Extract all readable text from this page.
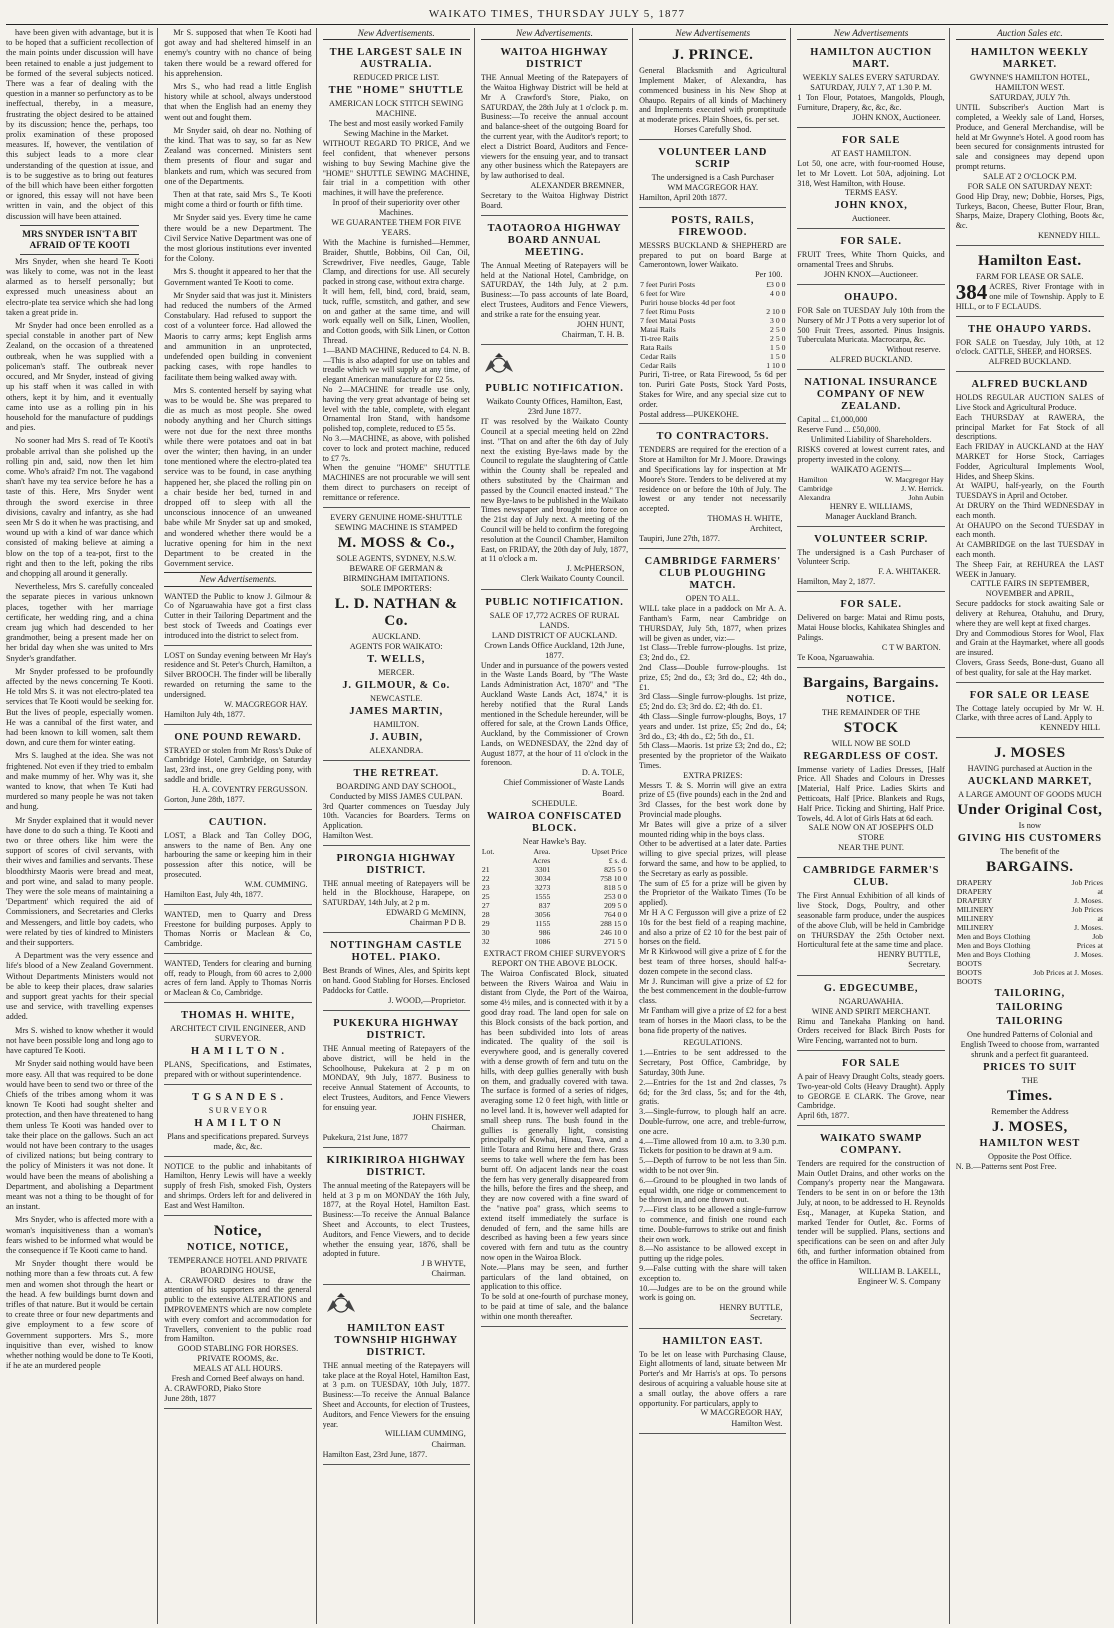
WAIKATO TIMES, THURSDAY JULY 5, 1877

have been given with advantage, but it is to be hoped that a sufficient recollection of the main points under discussion will have been retained to enable a just judgement to be formed of the several subjects noticed. There was a fear of dealing with the question in a manner so perfunctory as to be ineffectual, thereby, in a measure, frustrating the object desired to be attained by its discussion; hence the, perhaps, too prolix examination of these proposed measures. If, however, the ventilation of this subject leads to a more clear understanding of the question at issue, and is to be suggestive as to bring out features of the bill which have been either forgotten or ignored, this essay will not have been written in vain, and the object of this discussion will have been attained.

MRS SNYDER ISN'T A BIT AFRAID OF TE KOOTI

Mrs Snyder, when she heard Te Kooti was likely to come, was not in the least alarmed as to herself personally; but expressed much uneasiness about an electro-plate tea service which she had long taken a great pride in.

Mr Snyder had once been enrolled as a special constable in another part of New Zealand, on the occasion of a threatened outbreak, when he was supplied with a policeman's staff. The outbreak never occured, and Mr Snyder, instead of giving up his staff when it was called in with others, kept it by him, and it eventually came into use as a rolling pin in his household for the manufacture of puddings and pies.

No sooner had Mrs S. read of Te Kooti's probable arrival than she polished up the rolling pin and, said, now then let him come. Who's afraid? I'm not. The vagabond shan't have my tea service before he has a taste of this. Here, Mrs Snyder went through the sword exercise in three divisions, cavalry and infantry, as she had seen Mr S do it when he was practising, and wound up with a kind of war dance which consisted of making believe at aiming a blow on the top of a tea-pot, first to the right and then to the left, poking the ribs and chopping all around it generally.

Nevertheless, Mrs S. carefully concealed the separate pieces in various unknown places, together with her marriage certificate, her wedding ring, and a china cream jug which had descended to her grandmother, being a present made her on her bridal day when she was united to Mrs Snyder's grandfather.

Mr Snyder professed to be profoundly affected by the news concerning Te Kooti. He told Mrs S. it was not electro-plated tea services that Te Kooti would be seeking for. But the lives of people, especially women. He was a cannibal of the first water, and had been known to kill women, salt them down, and cure them for winter eating.

Mrs S. laughed at the idea. She was not frightened. Not even if they tried to embalm and make mummy of her. Why was it, she wanted to know, that when Te Kuti had murdered so many people he was not taken and hung.

Mr Snyder explained that it would never have done to do such a thing. Te Kooti and two or three others like him were the support of scores of civil servants, with their wives and families and servants. These bloodthirsty Maoris were bread and meat, and port wine, and salad to many people. They were the sole means of maintaining a 'Department' which required the aid of Commissioners, and Secretaries and Clerks and Messengers, and little boy cadets, who were related by ties of kindred to Ministers and their supporters.

A Department was the very essence and life's blood of a New Zealand Government. Without Departments Ministers would not be able to keep their places, draw salaries and support great yachts for their special use and service, with travelling expenses added.

Mrs S. wished to know whether it would not have been possible long and long ago to have captured Te Kooti.

Mr Snyder said nothing would have been more easy. All that was required to be done would have been to send two or three of the Chiefs of the tribes among whom it was known Te Kooti had sought shelter and protection, and then have threatened to hang them unless Te Kooti was handed over to take their place on the gallows. Such an act would not have been contrary to the usages of civilized nations; but being contrary to the policy of Ministers it was not done. It would have been the means of abolishing a Department, and abolishing a Department meant was not a thing to be thought of for an instant.

Mrs Snyder, who is affected more with a woman's inquisitiveness than a woman's fears wished to be informed what would be the consequence if Te Kooti came to hand.

Mr Snyder thought there would be nothing more than a few throats cut. A few men and women shot through the heart or the head. A few buildings burnt down and trifles of that nature. But it would be certain to create three or four new departments and give employment to a few score of Government supporters. Mrs S., more inquisitive than ever, wished to know whether nothing would be done to Te Kooti, if he ate an murdered people

Mr S. supposed that when Te Kooti had got away and had sheltered himself in an enemy's country with no chance of being taken there would be a reward offered for his apprehension.

Mrs S., who had read a little English history while at school, always understood that when the English had an enemy they went out and fought them.

Mr Snyder said, oh dear no. Nothing of the kind. That was to say, so far as New Zealand was concerned. Ministers sent them presents of flour and sugar and blankets and rum, which was secured from one of the Departments.

Then at that rate, said Mrs S., Te Kooti might come a third or fourth or fifth time.

Mr Snyder said yes. Every time he came there would be a new Department. The Civil Service Native Department was one of the most glorious institutions ever invented for the Colony.

Mrs S. thought it appeared to her that the Government wanted Te Kooti to come.

Mr Snyder said that was just it. Ministers had reduced the numbers of the Armed Constabulary. Had refused to support the cost of a volunteer force. Had allowed the Maoris to carry arms; kept English arms and ammunition in an unprotected, undefended open building in convenient packing cases, with rope handles to facilitate them being walked away with.

Mrs S. contented herself by saying what was to be would be. She was prepared to die as much as most people. She owed nobody anything and her Church sittings were not due for the next three months while there were potatoes and oat in bat over the winter; then having, in an under tone mentioned where the electro-plated tea service was to be found, in case anything happened her, she placed the rolling pin on a chair beside her bed, turned in and dropped off to sleep with all the unconscious innocence of an unweaned babe while Mr Snyder sat up and smoked, and wondered whether there would be a lucrative opening for him in the next Department to be created in the Government service.

New Advertisements.
WANTED the Public to know J. Gilmour & Co of Ngaruawahia have got a first class Cutter in their Tailoring Department and the best stock of Tweeds and Coatings ever introduced into the district to select from.
LOST on Sunday evening between Mr Hay's residence and St. Peter's Church, Hamilton, a Silver BROOCH. The finder will be liberally rewarded on returning the same to the undersigned.
W. MACGREGOR HAY.
Hamilton July 4th, 1877.
ONE POUND REWARD.
STRAYED or stolen from Mr Ross's Duke of Cambridge Hotel, Cambridge, on Saturday last, 23rd inst., one grey Gelding pony, with saddle and bridle.
H. A. COVENTRY FERGUSSON.
Gorton, June 28th, 1877.
CAUTION.
LOST, a Black and Tan Colley DOG, answers to the name of Ben. Any one harbouring the same or keeping him in their possession after this notice, will be prosecuted.
W.M. CUMMING.
Hamilton East, July 4th, 1877.
WANTED, men to Quarry and Dress Freestone for building purposes. Apply to Thomas Norris or Maclean & Co, Cambridge.
WANTED, Tenders for clearing and burning off, ready to Plough, from 60 acres to 2,000 acres of fern land. Apply to Thomas Norris or Maclean & Co, Cambridge.
THOMAS H. WHITE,
ARCHITECT CIVIL ENGINEER, AND SURVEYOR.
H A M I L T O N .
PLANS, Specifications, and Estimates, prepared with or without superintendence.
T G S A N D E S .
S U R V E Y O R
H A M I L T O N
Plans and specifications prepared. Surveys made, &c, &c.
NOTICE to the public and inhabitants of Hamilton, Henry Lewis will have a weekly supply of fresh Fish, smoked Fish, Oysters and shrimps. Orders left for and delivered in East and West Hamilton.
Notice,
NOTICE, NOTICE,
TEMPERANCE HOTEL AND PRIVATE BOARDING HOUSE,
A. CRAWFORD desires to draw the attention of his supporters and the general public to the extensive ALTERATIONS and IMPROVEMENTS which are now complete with every comfort and accommodation for Travellers, convenient to the public road from Hamilton.
GOOD STABLING FOR HORSES. PRIVATE ROOMS, &c.
MEALS AT ALL HOURS.
Fresh and Corned Beef always on hand.
A. CRAWFORD, Piako Store
June 28th, 1877
New Advertisements.
THE LARGEST SALE IN AUSTRALIA.
REDUCED PRICE LIST.
THE "HOME" SHUTTLE
AMERICAN LOCK STITCH SEWING MACHINE.
The best and most easily worked Family Sewing Machine in the Market.
WITHOUT REGARD TO PRICE, And we feel confident, that whenever persons wishing to buy Sewing Machine give the "HOME" SHUTTLE SEWING MACHINE, fair trial in a competition with other machines, it will have the preference.
In proof of their superiority over other Machines.
WE GUARANTEE THEM FOR FIVE YEARS.
With the Machine is furnished—Hemmer, Braider, Shuttle, Bobbins, Oil Can, Oil, Screwdriver, Five needles, Gauge, Table Clamp, and directions for use. All securely packed in strong case, without extra charge.
It will hem, fell, bind, cord, braid, seam, tuck, ruffle, scmstitch, and gather, and sew on and gather at the same time, and will work equally well on Silk, Linen, Woollen, and Cotton goods, with Silk Linen, or Cotton Thread.
1—BAND MACHINE, Reduced to £4. N. B.—This is also adapted for use on tables and treadle which we will supply at any time, of elegant American manufacture for £2 5s.
No 2—MACHINE for treadle use only, having the very great advantage of being set level with the table, complete, with elegant Ornamental Iron Stand, with handsome polished top, complete, reduced to £5 5s.
No 3.—MACHINE, as above, with polished cover to lock and protect machine, reduced to £7 7s.
When the genuine "HOME" SHUTTLE MACHINES are not procurable we will sent them direct to purchasers on receipt of remittance or reference.
EVERY GENUINE HOME-SHUTTLE SEWING MACHINE IS STAMPED
M. MOSS & Co.,
SOLE AGENTS, SYDNEY, N.S.W.
BEWARE OF GERMAN & BIRMINGHAM IMITATIONS.
SOLE IMPORTERS:
L. D. NATHAN & Co.
AUCKLAND.
AGENTS FOR WAIKATO:
T. WELLS,
MERCER.
J. GILMOUR, & Co.
NEWCASTLE.
JAMES MARTIN,
HAMILTON.
J. AUBIN,
ALEXANDRA.
THE RETREAT.
BOARDING AND DAY SCHOOL,
Conducted by MISS JAMES CULPAN.
3rd Quarter commences on Tuesday July 10th. Vacancies for Boarders. Terms on Application.
Hamilton West.
PIRONGIA HIGHWAY DISTRICT.
THE annual meeting of Ratepayers will be held in the Blockhouse, Harapepe, on SATURDAY, 14th July, at 2 p m.
EDWARD G McMINN,
Chairman P D B.
NOTTINGHAM CASTLE HOTEL. PIAKO.
Best Brands of Wines, Ales, and Spirits kept on hand. Good Stabling for Horses. Enclosed Paddocks for Cattle.
J. WOOD,—Proprietor.
PUKEKURA HIGHWAY DISTRICT.
THE Annual meeting of Ratepayers of the above district, will be held in the Schoolhouse, Pukekura at 2 p m on MONDAY, 9th July, 1877. Business to receive Annual Statement of Accounts, to elect Trustees, Auditors, and Fence Viewers for ensuing year.
JOHN FISHER,
Chairman.
Pukekura, 21st June, 1877
KIRIKIRIROA HIGHWAY DISTRICT.
The annual meeting of the Ratepayers will be held at 3 p m on MONDAY the 16th July, 1877, at the Royal Hotel, Hamilton East. Business:—To receive the Annual Balance Sheet and Accounts, to elect Trustees, Auditors, and Fence Viewers, and to decide whether the ensuing year, 1876, shall be adopted in future.
J B WHYTE,
Chairman.
HAMILTON EAST TOWNSHIP HIGHWAY DISTRICT.
THE annual meeting of the Ratepayers will take place at the Royal Hotel, Hamilton East, at 3 p.m. on TUESDAY, 10th July, 1877. Business:—To receive the Annual Balance Sheet and Accounts, for election of Trustees, Auditors, and Fence Viewers for the ensuing year.
WILLIAM CUMMING,
Chairman.
Hamilton East, 23rd June, 1877.
New Advertisements.
WAITOA HIGHWAY DISTRICT
THE Annual Meeting of the Ratepayers of the Waitoa Highway District will be held at Mr A Crawford's Store, Piako, on SATURDAY, the 28th July at 1 o'clock p. m. Business:—To receive the annual account and balance-sheet of the outgoing Board for the current year, with the Auditor's report; to elect a District Board, Auditors and Fence-viewers for the ensuing year, and to transact any other business which the Ratepayers are by law authorised to deal.
ALEXANDER BREMNER,
Secretary to the Waitoa Highway District Board.
TAOTAOROA HIGHWAY BOARD ANNUAL MEETING.
The Annual Meeting of Ratepayers will be held at the National Hotel, Cambridge, on SATURDAY, the 14th July, at 2 p.m. Business:—To pass accounts of late Board, elect Trustees, Auditors and Fence Viewers, and strike a rate for the ensuing year.
JOHN HUNT,
Chairman, T. H. B.
PUBLIC NOTIFICATION.
Waikato County Offices, Hamilton, East, 23rd June 1877.
IT was resolved by the Waikato County Council at a special meeting held on 22nd inst. "That on and after the 6th day of July next the existing Bye-laws made by the Council to regulate the slaughtering of Cattle within the County shall be repealed and others substituted by the Chairman and passed by the Council enacted instead." The new Bye-laws to be published in the Waikato Times newspaper and brought into force on the 21st day of July next. A meeting of the Council will be held to confirm the foregoing resolution at the Council Chamber, Hamilton East, on FRIDAY, the 20th day of July, 1877, at 11 o'clock a m.
J. McPHERSON,
Clerk Waikato County Council.
PUBLIC NOTIFICATION.
SALE OF 17,772 ACRES OF RURAL LANDS.
LAND DISTRICT OF AUCKLAND.
Crown Lands Office Auckland, 12th June, 1877.
Under and in pursuance of the powers vested in the Waste Lands Board, by "The Waste Lands Administration Act, 1870" and "The Auckland Waste Lands Act, 1874," it is hereby notified that the Rural Lands mentioned in the Schedule hereunder, will be offered for sale, at the Crown Lands Office, Auckland, by the Commissioner of Crown Lands, on WEDNESDAY, the 22nd day of August 1877, at the hour of 11 o'clock in the forenoon.
D. A. TOLE,
Chief Commissioner of Waste Lands Board.
SCHEDULE.
WAIROA CONFISCATED BLOCK.
Near Hawke's Bay.
Lot.	Area.	Upset Price
	Acres	£ s. d.
21	3301	825 5 0
22	3034	758 10 0
23	3273	818 5 0
25	1555	253 0 0
27	837	209 5 0
28	3056	764 0 0
29	1155	288 15 0
30	986	246 10 0
32	1086	271 5 0
EXTRACT FROM CHIEF SURVEYOR'S REPORT ON THE ABOVE BLOCK.
The Wairoa Confiscated Block, situated between the Rivers Wairoa and Waiu in distant from Clyde, the Port of the Wairoa, some 4½ miles, and is connected with it by a good dray road. The land open for sale on this Block consists of the back portion, and has been subdivided into lots of areas indicated. The quality of the soil is everywhere good, and is generally covered with a dense growth of fern and tutu on the hills, with deep gullies generally with bush on them, and gradually covered with tawa. The surface is formed of a series of ridges, averaging some 12 0 feet high, with little or no level land. It is, however well adapted for small sheep runs. The bush found in the gullies is generally light, consisting principally of Kowhai, Hinau, Tawa, and a little Totara and Rimu here and there. Grass seems to take well where the fern has been burnt off. On adjacent lands near the coast the fern has very generally disappeared from the hills, before the fires and the sheep, and they are now covered with a fine sward of the "native poa" grass, which seems to extend itself immediately the surface is denuded of fern, and the same hills are described as having been a few years since covered with fern and tutu as the country now open in the Wairoa Block.
Note.—Plans may be seen, and further particulars of the land obtained, on application to this office.
To be sold at one-fourth of purchase money, to be paid at time of sale, and the balance within one month thereafter.
New Advertisements
J. PRINCE.
General Blacksmith and Agricultural Implement Maker, of Alexandra, has commenced business in his New Shop at Ohaupo. Repairs of all kinds of Machinery and Implements executed with promptitude at moderate prices. Plain Shoes, 6s. per set.
Horses Carefully Shod.
VOLUNTEER LAND SCRIP
The undersigned is a Cash Purchaser
WM MACGREGOR HAY.
Hamilton, April 20th 1877.
POSTS, RAILS, FIREWOOD.
MESSRS BUCKLAND & SHEPHERD are prepared to put on board Barge at Camerontown, lower Waikato.
Per 100.
7 feet Puriri Posts	£3 0 0
6 feet for Wire	4 0 0
Puriri house blocks 4d per foot	
7 feet Rimu Posts	2 10 0
7 feet Matai Posts	3 0 0
Matai Rails	2 5 0
Ti-tree Rails	2 5 0
Rata Rails	1 5 0
Cedar Rails	1 5 0
Cedar Rails	1 10 0
Puriri, Ti-tree, or Rata Firewood, 5s 6d per ton. Puriri Gate Posts, Stock Yard Posts, Stakes for Wire, and any special size cut to order.
Postal address—PUKEKOHE.
TO CONTRACTORS.
TENDERS are required for the erection of a Store at Hamilton for Mr J. Moore. Drawings and Specifications lay for inspection at Mr Moore's Store. Tenders to be delivered at my residence on or before the 10th of July. The lowest or any tender not necessarily accepted.
THOMAS H. WHITE,
Architect,
Taupiri, June 27th, 1877.
CAMBRIDGE FARMERS' CLUB PLOUGHING MATCH.
OPEN TO ALL.
WILL take place in a paddock on Mr A. A. Fantham's Farm, near Cambridge on THURSDAY, July 5th, 1877, when prizes will be given as under, viz:—
1st Class—Treble furrow-ploughs. 1st prize, £3; 2nd do., £2.
2nd Class—Double furrow-ploughs. 1st prize, £5; 2nd do., £3; 3rd do., £2; 4th do., £1.
3rd Class—Single furrow-ploughs. 1st prize, £5; 2nd do. £3; 3rd do. £2; 4th do. £1.
4th Class—Single furrow-ploughs, Boys, 17 years and under. 1st prize, £5; 2nd do., £4; 3rd do., £3; 4th do., £2; 5th do., £1.
5th Class—Maoris. 1st prize £3; 2nd do., £2; presented by the proprietor of the Waikato Times.
EXTRA PRIZES:
Messrs T. & S. Morrin will give an extra prize of £5 (five pounds) each in the 2nd and 3rd Classes, for the best work done by Provincial made ploughs.
Mr Bates will give a prize of a silver mounted riding whip in the boys class.
Other to be advertised at a later date. Parties willing to give special prizes, will please forward the same, and how to be applied, to the Secretary as early as possible.
The sum of £5 for a prize will be given by the Proprietor of the Waikato Times (To be applied).
Mr H A C Fergusson will give a prize of £2 10s for the best field of a reaping machine, and also a prize of £2 10 for the best pair of horses on the field.
Mr R Kirkwood will give a prize of £ for the best team of three horses, should half-a-dozen compete in the second class.
Mr J. Runciman will give a prize of £2 for the best commencement in the double-furrow class.
Mr Fantham will give a prize of £2 for a best team of horses in the Maori class, to be the bona fide property of the natives.
REGULATIONS.
1.—Entries to be sent addressed to the Secretary, Post Office, Cambridge, by Saturday, 30th June.
2.—Entries for the 1st and 2nd classes, 7s 6d; for the 3rd class, 5s; and for the 4th, gratis.
3.—Single-furrow, to plough half an acre. Double-furrow, one acre, and treble-furrow, one acre.
4.—Time allowed from 10 a.m. to 3.30 p.m. Tickets for position to be drawn at 9 a.m.
5.—Depth of furrow to be not less than 5in. width to be not over 9in.
6.—Ground to be ploughed in two lands of equal width, one ridge or commencement to be thrown in, and one thrown out.
7.—First class to be allowed a single-furrow to commence, and finish one round each time. Double-furrows to strike out and finish their own work.
8.—No assistance to be allowed except in putting up the ridge poles.
9.—False cutting with the share will taken exception to.
10.—Judges are to be on the ground while work is going on.
HENRY BUTTLE,
Secretary.
HAMILTON EAST.
To be let on lease with Purchasing Clause, Eight allotments of land, situate between Mr Porter's and Mr Harris's at ops. To persons desirous of acquiring a valuable house site at a small outlay, the above offers a rare opportunity. For particulars, apply to
W MACGREGOR HAY,
Hamilton West.
New Advertisements
HAMILTON AUCTION MART.
WEEKLY SALES EVERY SATURDAY.
SATURDAY, JULY 7, AT 1.30 P. M.
1 Ton Flour, Potatoes, Mangolds, Plough, Furniture, Drapery, &c, &c, &c.
JOHN KNOX, Auctioneer.
FOR SALE
AT EAST HAMILTON.
Lot 50, one acre, with four-roomed House, let to Mr Lovett. Lot 50A, adjoining. Lot 318, West Hamilton, with House.
TERMS EASY.
JOHN KNOX,
Auctioneer.
FOR SALE.
FRUIT Trees, White Thorn Quicks, and ornamental Trees and Shrubs.
JOHN KNOX—Auctioneer.
OHAUPO.
FOR Sale on TUESDAY July 10th from the Nursery of Mr J T Potts a very superior lot of 500 Fruit Trees, assorted. Pinus Insignis. Tuberculata Muricata. Macrocarpa, &c.
Without reserve.
ALFRED BUCKLAND.
NATIONAL INSURANCE COMPANY OF NEW ZEALAND.
Capital ... £1,000,000
Reserve Fund ... £50,000.
Unlimited Liability of Shareholders.
RISKS covered at lowest current rates, and property invested in the colony.
WAIKATO AGENTS—
Hamilton	W. Macgregor Hay
Cambridge	J. W. Herrick.
Alexandra	John Aubin
HENRY E. WILLIAMS,
Manager Auckland Branch.
VOLUNTEER SCRIP.
The undersigned is a Cash Purchaser of Volunteer Scrip.
F. A. WHITAKER.
Hamilton, May 2, 1877.
FOR SALE.
Delivered on barge: Matai and Rimu posts, Matai House blocks, Kahikatea Shingles and Palings.
C T W BARTON.
Te Kooa, Ngaruawahia.
Bargains, Bargains.
NOTICE.
THE REMAINDER OF THE
STOCK
WILL NOW BE SOLD
REGARDLESS OF COST.
Immense variety of Ladies Dresses, [Half Price. All Shades and Colours in Dresses [Material, Half Price. Ladies Skirts and Petticoats, Half [Price. Blankets and Rugs, Half Price. Ticking and Shirting, Half Price. Towels, 4d. A lot of Girls Hats at 6d each.
SALE NOW ON AT JOSEPH'S OLD STORE
NEAR THE PUNT.
CAMBRIDGE FARMER'S CLUB.
The First Annual Exhibition of all kinds of live Stock, Dogs, Poultry, and other seasonable farm produce, under the auspices of the above Club, will be held in Cambridge on THURSDAY the 25th October next. Horticultural fete at the same time and place.
HENRY BUTTLE,
Secretary.
G. EDGECUMBE,
NGARUAWAHIA.
WINE AND SPIRIT MERCHANT.
Rimu and Tanekaha Planking on hand. Orders received for Black Birch Posts for Wire Fencing, warranted not to burn.
FOR SALE
A pair of Heavy Draught Colts, steady goers. Two-year-old Colts (Heavy Draught). Apply to GEORGE E CLARK. The Grove, near Cambridge.
April 6th, 1877.
WAIKATO SWAMP COMPANY.
Tenders are required for the construction of Main Outlet Drains, and other works on the Company's property near the Mangawara. Tenders to be sent in on or before the 13th July, at noon, to be addressed to H. Reynolds Esq., Manager, at Kupeka Station, and marked Tender for Outlet, &c. Forms of tender will be supplied. Plans, sections and specifications can be seen on and after July 6th, and further information obtained from the office in Hamilton.
WILLIAM B. LAKELL,
Engineer W. S. Company
Auction Sales etc.
HAMILTON WEEKLY MARKET.
GWYNNE'S HAMILTON HOTEL, HAMILTON WEST.
SATURDAY, JULY 7th.
UNTIL Subscriber's Auction Mart is completed, a Weekly sale of Land, Horses, Produce, and General Merchandise, will be held at Mr Gwynne's Hotel. A good room has been secured for consignments intrusted for sale and consignees may depend upon prompt returns.
SALE AT 2 O'CLOCK P.M.
FOR SALE ON SATURDAY NEXT:
Good Hip Dray, new; Dobbie, Horses, Pigs, Turkeys, Bacon, Cheese, Butter Flour, Bran, Sharps, Maize, Drapery Clothing, Boots &c, &c.
KENNEDY HILL.
Hamilton East.
FARM FOR LEASE OR SALE.
384 ACRES, River Frontage with in one mile of Township. Apply to E HILL, or to F ECLAUDS.
THE OHAUPO YARDS.
FOR SALE on Tuesday, July 10th, at 12 o'clock. CATTLE, SHEEP, and HORSES.
ALFRED BUCKLAND.
ALFRED BUCKLAND
HOLDS REGULAR AUCTION SALES of Live Stock and Agricultural Produce.
Each THURSDAY at RAWERA, the principal Market for Fat Stock of all descriptions.
Each FRIDAY in AUCKLAND at the HAY MARKET for Horse Stock, Carriages Fodder, Agricultural Implements Wool, Hides, and Sheep Skins.
At WAIPU, half-yearly, on the Fourth TUESDAYS in April and October.
At DRURY on the Third WEDNESDAY in each month.
At OHAUPO on the Second TUESDAY in each month.
At CAMBRIDGE on the last TUESDAY in each month.
The Sheep Fair, at REHUREA the LAST WEEK in January.
CATTLE FAIRS IN SEPTEMBER, NOVEMBER and APRIL,
Secure paddocks for stock awaiting Sale or delivery at Rehurea, Otahuhu, and Drury, where they are well kept at fixed charges.
Dry and Commodious Stores for Wool, Flax and Grain at the Haymarket, where all goods are insured.
Clovers, Grass Seeds, Bone-dust, Guano all of best quality, for sale at the Hay market.
FOR SALE OR LEASE
The Cottage lately occupied by Mr W. H. Clarke, with three acres of Land. Apply to
KENNEDY HILL
J. MOSES
HAVING purchased at Auction in the
AUCKLAND MARKET,
A LARGE AMOUNT OF GOODS MUCH
Under Original Cost,
Is now
GIVING HIS CUSTOMERS
The benefit of the
BARGAINS.
DRAPERY
DRAPERY
DRAPERY	Job Prices
at
J. Moses.
MILINERY
MILINERY
MILINERY	Job Prices
at
J. Moses.
Men and Boys Clothing
Men and Boys Clothing
Men and Boys Clothing	Job
Prices at
J. Moses.
BOOTS
BOOTS
BOOTS	Job Prices at J. Moses.
TAILORING,
TAILORING
TAILORING
One hundred Patterns of Colonial and English Tweed to choose from, warranted shrunk and a perfect fit guaranteed.
PRICES TO SUIT
THE
Times.
Remember the Address
J. MOSES,
HAMILTON WEST
Opposite the Post Office.
N. B.—Patterns sent Post Free.
